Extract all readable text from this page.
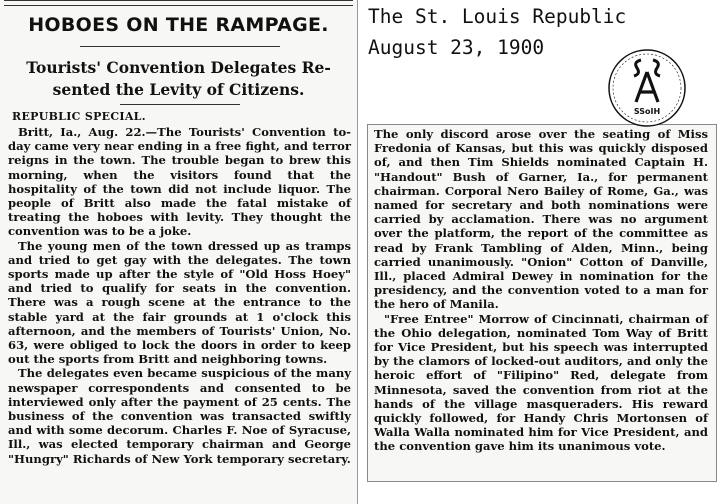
HOBOES ON THE RAMPAGE.
Tourists' Convention Delegates Re-
sented the Levity of Citizens.

REPUBLIC SPECIAL.

Britt, Ia., Aug. 22.—The Tourists' Convention to-day came very near ending in a free fight, and terror reigns in the town. The trouble began to brew this morning, when the visitors found that the hospitality of the town did not include liquor. The people of Britt also made the fatal mistake of treating the hoboes with levity. They thought the convention was to be a joke.

The young men of the town dressed up as tramps and tried to get gay with the delegates. The town sports made up after the style of "Old Hoss Hoey" and tried to qualify for seats in the convention. There was a rough scene at the entrance to the stable yard at the fair grounds at 1 o'clock this afternoon, and the members of Tourists' Union, No. 63, were obliged to lock the doors in order to keep out the sports from Britt and neighboring towns.

The delegates even became suspicious of the many newspaper correspondents and consented to be interviewed only after the payment of 25 cents. The business of the convention was transacted swiftly and with some decorum. Charles F. Noe of Syracuse, Ill., was elected temporary chairman and George "Hungry" Richards of New York temporary secretary.

The only discord arose over the seating of Miss Fredonia of Kansas, but this was quickly disposed of, and then Tim Shields nominated Captain H. "Handout" Bush of Garner, Ia., for permanent chairman. Corporal Nero Bailey of Rome, Ga., was named for secretary and both nominations were carried by acclamation. There was no argument over the platform, the report of the committee as read by Frank Tambling of Alden, Minn., being carried unanimously. "Onion" Cotton of Danville, Ill., placed Admiral Dewey in nomination for the presidency, and the convention voted to a man for the hero of Manila.

"Free Entree" Morrow of Cincinnati, chairman of the Ohio delegation, nominated Tom Way of Britt for Vice President, but his speech was interrupted by the clamors of locked-out auditors, and only the heroic effort of "Filipino" Red, delegate from Minnesota, saved the convention from riot at the hands of the village masqueraders. His reward quickly followed, for Handy Chris Mortonsen of Walla Walla nominated him for Vice President, and the convention gave him its unanimous vote.

The St. Louis Republic

August 23, 1900

SSoIH
